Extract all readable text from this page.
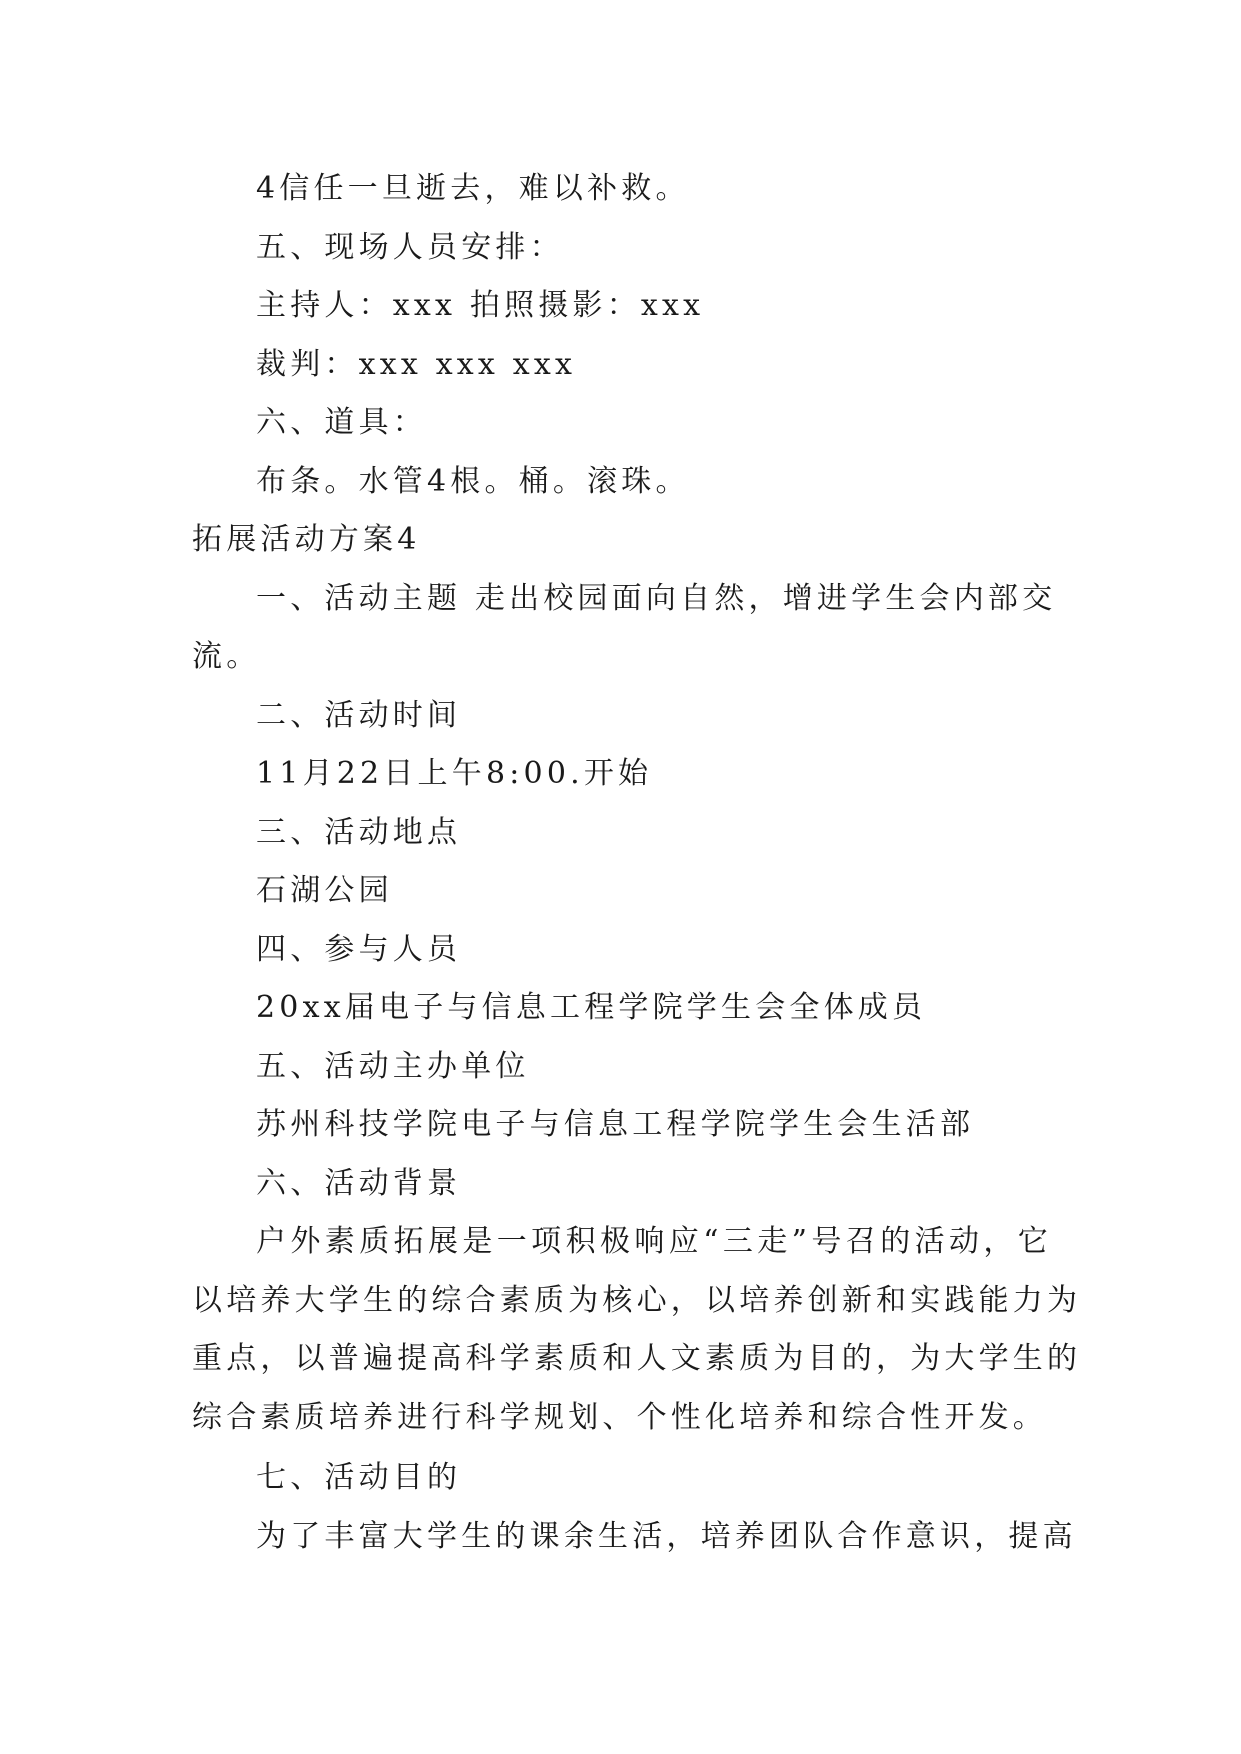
4信任一旦逝去，难以补救。
五、现场人员安排：
主持人：xxx 拍照摄影：xxx
裁判：xxx xxx xxx
六、道具：
布条。水管4根。桶。滚珠。
拓展活动方案4
一、活动主题 走出校园面向自然，增进学生会内部交
流。
二、活动时间
11月22日上午8:00.开始
三、活动地点
石湖公园
四、参与人员
20xx届电子与信息工程学院学生会全体成员
五、活动主办单位
苏州科技学院电子与信息工程学院学生会生活部
六、活动背景
户外素质拓展是一项积极响应“三走”号召的活动，它
以培养大学生的综合素质为核心，以培养创新和实践能力为
重点，以普遍提高科学素质和人文素质为目的，为大学生的
综合素质培养进行科学规划、个性化培养和综合性开发。
七、活动目的
为了丰富大学生的课余生活，培养团队合作意识，提高
